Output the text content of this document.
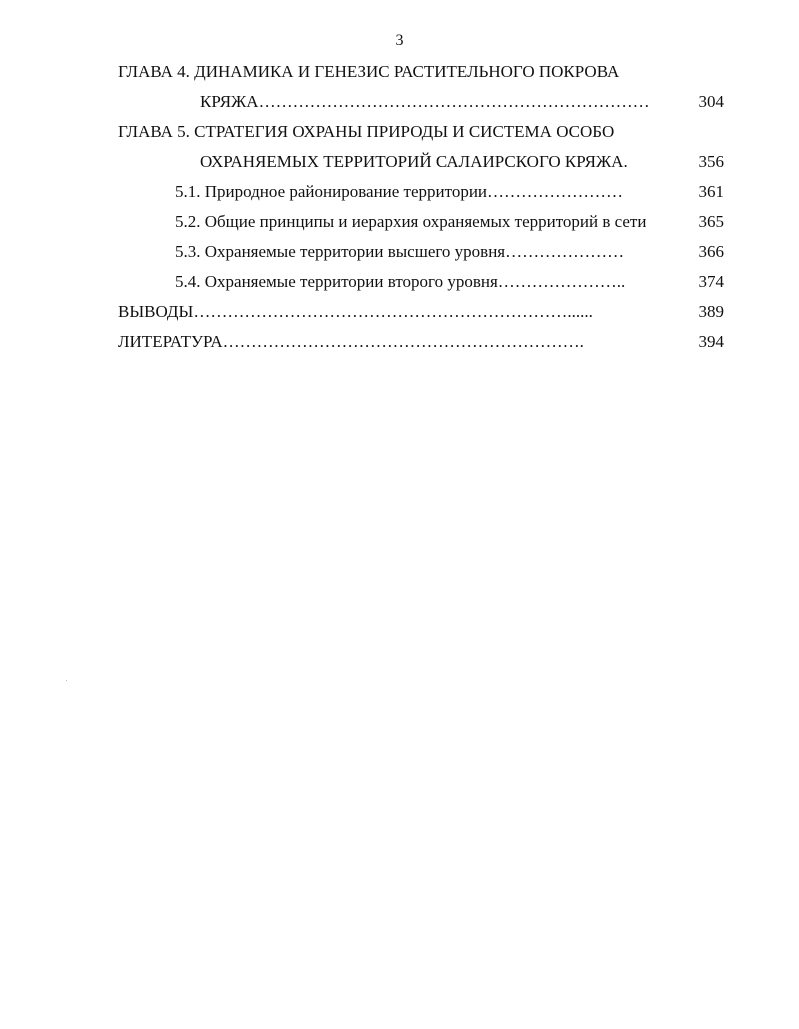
3
ГЛАВА 4. ДИНАМИКА И ГЕНЕЗИС РАСТИТЕЛЬНОГО ПОКРОВА
КРЯЖА……………………………………………………………	304
ГЛАВА 5. СТРАТЕГИЯ ОХРАНЫ ПРИРОДЫ И СИСТЕМА ОСОБО
ОХРАНЯЕМЫХ ТЕРРИТОРИЙ САЛАИРСКОГО КРЯЖА.	356
5.1. Природное районирование территории……………………	361
5.2. Общие принципы и иерархия охраняемых территорий в сети	365
5.3. Охраняемые территории высшего уровня…………………	366
5.4. Охраняемые территории второго уровня…………………..	374
ВЫВОДЫ…………………………………………………………......	389
ЛИТЕРАТУРА……………………………………………………….	394
